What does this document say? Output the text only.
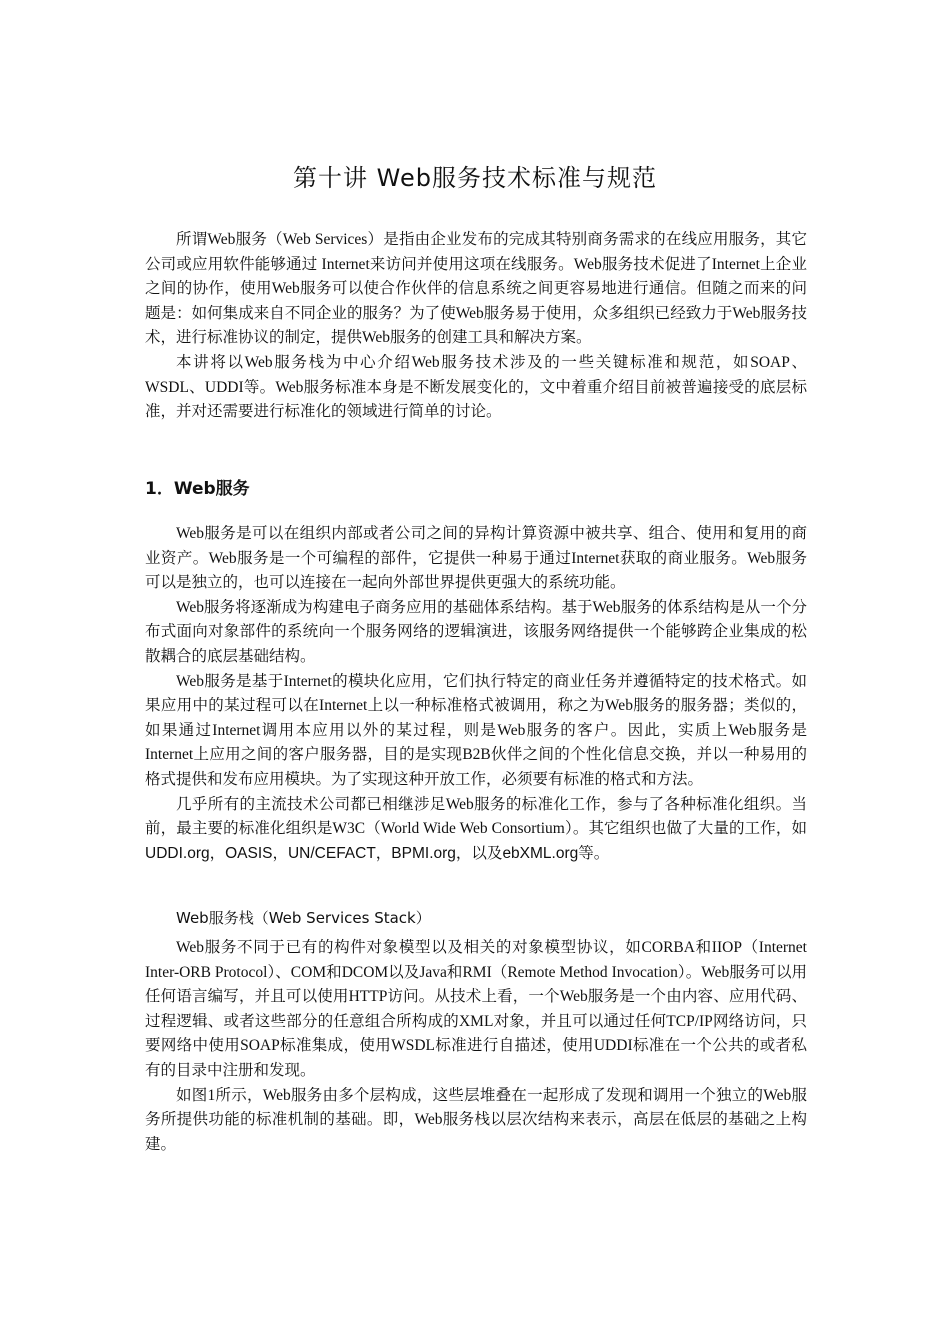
第十讲 Web服务技术标准与规范

所谓Web服务（Web Services）是指由企业发布的完成其特别商务需求的在线应用服务，其它公司或应用软件能够通过 Internet来访问并使用这项在线服务。Web服务技术促进了Internet上企业之间的协作，使用Web服务可以使合作伙伴的信息系统之间更容易地进行通信。但随之而来的问题是：如何集成来自不同企业的服务？为了使Web服务易于使用，众多组织已经致力于Web服务技术，进行标准协议的制定，提供Web服务的创建工具和解决方案。

本讲将以Web服务栈为中心介绍Web服务技术涉及的一些关键标准和规范，如SOAP、WSDL、UDDI等。Web服务标准本身是不断发展变化的，文中着重介绍目前被普遍接受的底层标准，并对还需要进行标准化的领域进行简单的讨论。

1．Web服务

Web服务是可以在组织内部或者公司之间的异构计算资源中被共享、组合、使用和复用的商业资产。Web服务是一个可编程的部件，它提供一种易于通过Internet获取的商业服务。Web服务可以是独立的，也可以连接在一起向外部世界提供更强大的系统功能。

Web服务将逐渐成为构建电子商务应用的基础体系结构。基于Web服务的体系结构是从一个分布式面向对象部件的系统向一个服务网络的逻辑演进，该服务网络提供一个能够跨企业集成的松散耦合的底层基础结构。

Web服务是基于Internet的模块化应用，它们执行特定的商业任务并遵循特定的技术格式。如果应用中的某过程可以在Internet上以一种标准格式被调用，称之为Web服务的服务器；类似的，如果通过Internet调用本应用以外的某过程，则是Web服务的客户。因此，实质上Web服务是Internet上应用之间的客户服务器，目的是实现B2B伙伴之间的个性化信息交换，并以一种易用的格式提供和发布应用模块。为了实现这种开放工作，必须要有标准的格式和方法。

几乎所有的主流技术公司都已相继涉足Web服务的标准化工作，参与了各种标准化组织。当前，最主要的标准化组织是W3C（World Wide Web Consortium）。其它组织也做了大量的工作，如UDDI.org，OASIS，UN/CEFACT，BPMI.org，以及ebXML.org等。

Web服务栈（Web Services Stack）

Web服务不同于已有的构件对象模型以及相关的对象模型协议，如CORBA和IIOP（Internet Inter-ORB Protocol）、COM和DCOM以及Java和RMI（Remote Method Invocation）。Web服务可以用任何语言编写，并且可以使用HTTP访问。从技术上看，一个Web服务是一个由内容、应用代码、过程逻辑、或者这些部分的任意组合所构成的XML对象，并且可以通过任何TCP/IP网络访问，只要网络中使用SOAP标准集成，使用WSDL标准进行自描述，使用UDDI标准在一个公共的或者私有的目录中注册和发现。

如图1所示，Web服务由多个层构成，这些层堆叠在一起形成了发现和调用一个独立的Web服务所提供功能的标准机制的基础。即，Web服务栈以层次结构来表示，高层在低层的基础之上构建。
